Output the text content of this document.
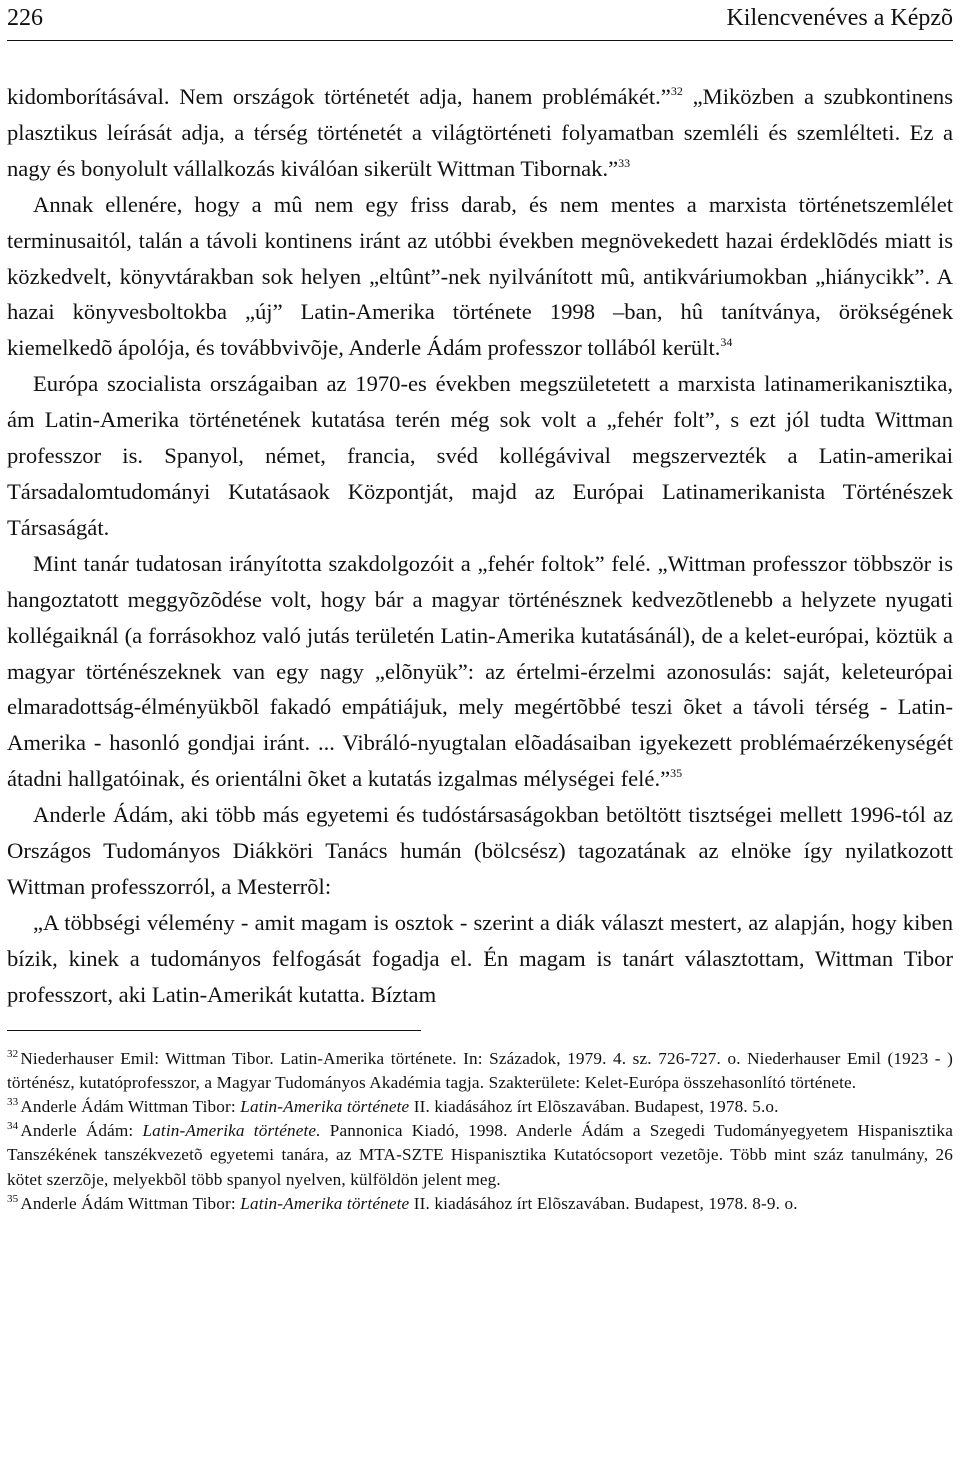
226	Kilencvenéves a Képzõ

kidomborításával. Nem országok történetét adja, hanem problémákét.”$^{32}$ „Miközben a szubkontinens plasztikus leírását adja, a térség történetét a világtörténeti folyamatban szemléli és szemlélteti. Ez a nagy és bonyolult vállalkozás kiválóan sikerült Wittman Tibornak.”$^{33}$

Annak ellenére, hogy a mû nem egy friss darab, és nem mentes a marxista történetszemlélet terminusaitól, talán a távoli kontinens iránt az utóbbi években megnövekedett hazai érdeklõdés miatt is közkedvelt, könyvtárakban sok helyen „eltûnt”-nek nyilvánított mû, antikváriumokban „hiánycikk”. A hazai könyvesboltokba „új” Latin-Amerika története 1998 –ban, hû tanítványa, örökségének kiemelkedõ ápolója, és továbbvivõje, Anderle Ádám professzor tollából került.$^{34}$

Európa szocialista országaiban az 1970-es években megszületetett a marxista latinamerikanisztika, ám Latin-Amerika történetének kutatása terén még sok volt a „fehér folt”, s ezt jól tudta Wittman professzor is. Spanyol, német, francia, svéd kollégávival megszervezték a Latin-amerikai Társadalomtudományi Kutatásaok Központját, majd az Európai Latinamerikanista Történészek Társaságát.

Mint tanár tudatosan irányította szakdolgozóit a „fehér foltok” felé. „Wittman professzor többször is hangoztatott meggyõzõdése volt, hogy bár a magyar történésznek kedvezõtlenebb a helyzete nyugati kollégaiknál (a forrásokhoz való jutás területén Latin-Amerika kutatásánál), de a kelet-európai, köztük a magyar történészeknek van egy nagy „elõnyük”: az értelmi-érzelmi azonosulás: saját, keleteurópai elmaradottság-élményükbõl fakadó empátiájuk, mely megértõbbé teszi õket a távoli térség - Latin-Amerika - hasonló gondjai iránt. ... Vibráló-nyugtalan elõadásaiban igyekezett problémaérzékenységét átadni hallgatóinak, és orientálni õket a kutatás izgalmas mélységei felé.”$^{35}$

Anderle Ádám, aki több más egyetemi és tudóstársaságokban betöltött tisztségei mellett 1996-tól az Országos Tudományos Diákköri Tanács humán (bölcsész) tagozatának az elnöke így nyilatkozott Wittman professzorról, a Mesterrõl:

„A többségi vélemény - amit magam is osztok - szerint a diák választ mestert, az alapján, hogy kiben bízik, kinek a tudományos felfogását fogadja el. Én magam is tanárt választottam, Wittman Tibor professzort, aki Latin-Amerikát kutatta. Bíztam

$^{32}$ Niederhauser Emil: Wittman Tibor. Latin-Amerika története. In: Századok, 1979. 4. sz. 726-727. o. Niederhauser Emil (1923 - ) történész, kutatóprofesszor, a Magyar Tudományos Akadémia tagja. Szakterülete: Kelet-Európa összehasonlító története.

$^{33}$ Anderle Ádám Wittman Tibor: Latin-Amerika története II. kiadásához írt Elõszavában. Budapest, 1978. 5.o.

$^{34}$ Anderle Ádám: Latin-Amerika története. Pannonica Kiadó, 1998. Anderle Ádám a Szegedi Tudományegyetem Hispanisztika Tanszékének tanszékvezetõ egyetemi tanára, az MTA-SZTE Hispanisztika Kutatócsoport vezetõje. Több mint száz tanulmány, 26 kötet szerzõje, melyekbõl több spanyol nyelven, külföldön jelent meg.

$^{35}$ Anderle Ádám Wittman Tibor: Latin-Amerika története II. kiadásához írt Elõszavában. Budapest, 1978. 8-9. o.
